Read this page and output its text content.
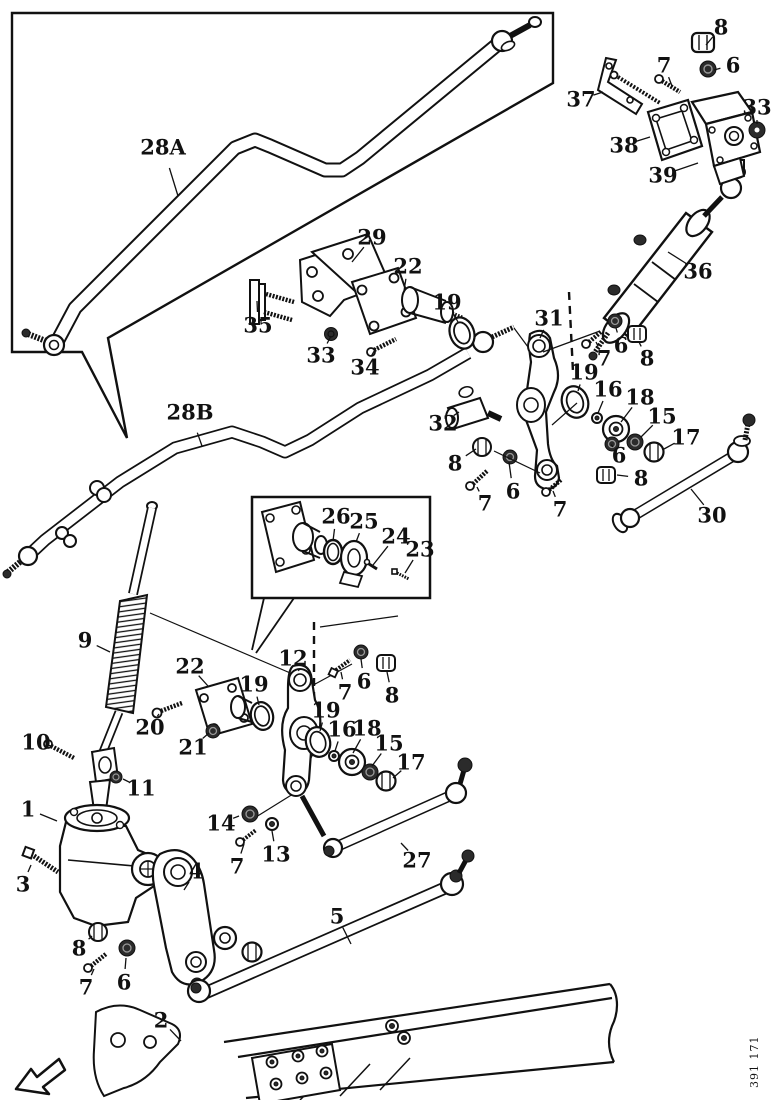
391 171
28A
8
7	6
37	33
38
39
29
22	36
19
31
35
6
33	7 8
34	19
16 18
28B	15
32
17
6
8
8
6
7	7	30
26
25
24
23
9
12
22
6
19	7 8
19
16
18
20
10	15
21
17
11
1
14
13	27
7
3
4
5
8
6
7
2
